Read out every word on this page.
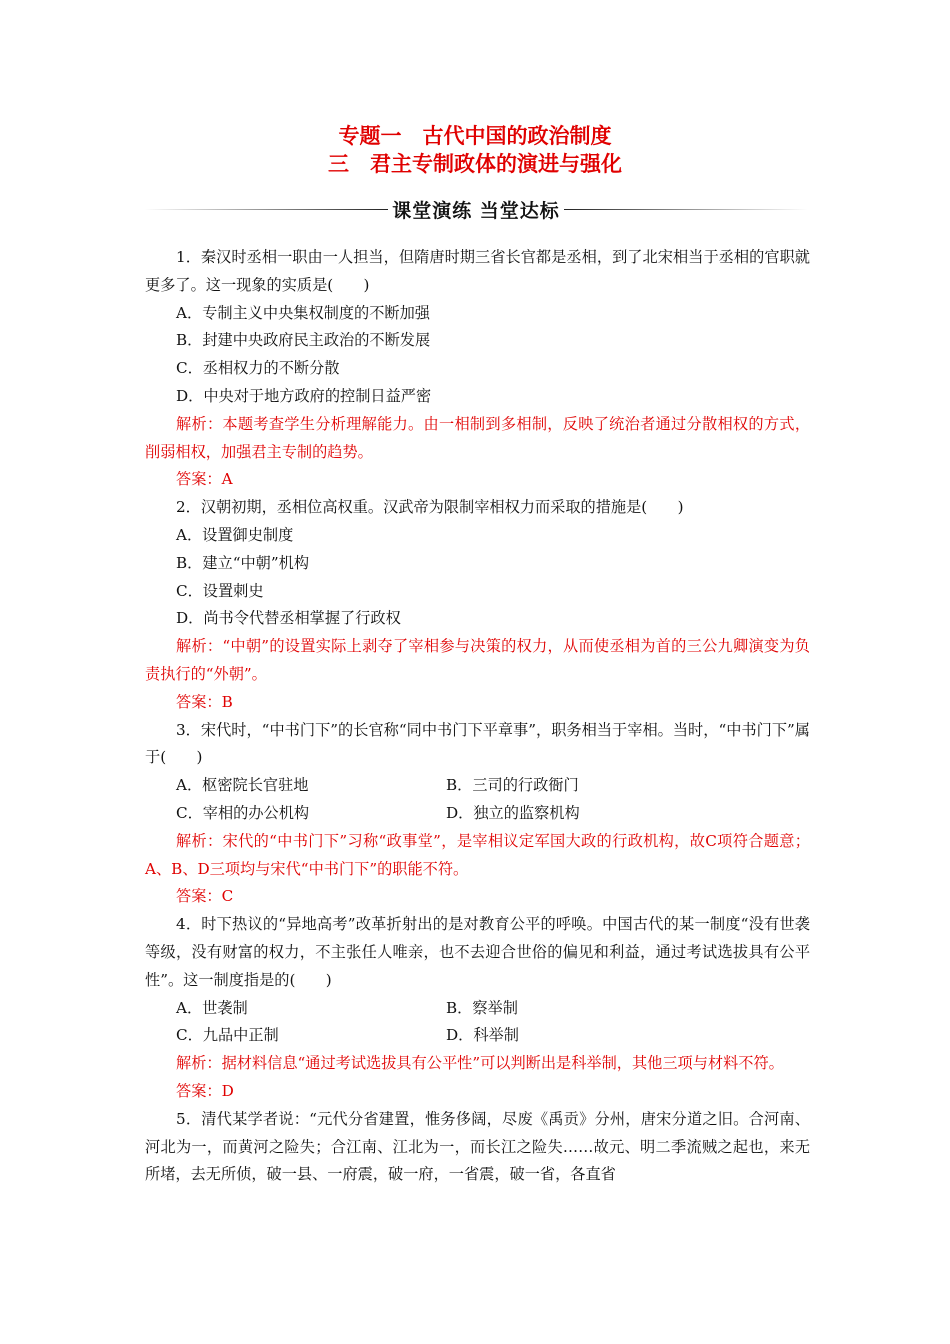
专题一　古代中国的政治制度
三　君主专制政体的演进与强化
课堂演练 当堂达标

1．秦汉时丞相一职由一人担当，但隋唐时期三省长官都是丞相，到了北宋相当于丞相的官职就更多了。这一现象的实质是(　　)

A．专制主义中央集权制度的不断加强

B．封建中央政府民主政治的不断发展

C．丞相权力的不断分散

D．中央对于地方政府的控制日益严密

解析：本题考查学生分析理解能力。由一相制到多相制，反映了统治者通过分散相权的方式，削弱相权，加强君主专制的趋势。

答案：A

2．汉朝初期，丞相位高权重。汉武帝为限制宰相权力而采取的措施是(　　)

A．设置御史制度

B．建立“中朝”机构

C．设置刺史

D．尚书令代替丞相掌握了行政权

解析：“中朝”的设置实际上剥夺了宰相参与决策的权力，从而使丞相为首的三公九卿演变为负责执行的“外朝”。

答案：B

3．宋代时，“中书门下”的长官称“同中书门下平章事”，职务相当于宰相。当时，“中书门下”属于(　　)

A．枢密院长官驻地	B．三司的行政衙门
C．宰相的办公机构	D．独立的监察机构

解析：宋代的“中书门下”习称“政事堂”，是宰相议定军国大政的行政机构，故C项符合题意；A、B、D三项均与宋代“中书门下”的职能不符。

答案：C

4．时下热议的“异地高考”改革折射出的是对教育公平的呼唤。中国古代的某一制度“没有世袭等级，没有财富的权力，不主张任人唯亲，也不去迎合世俗的偏见和利益，通过考试选拔具有公平性”。这一制度指是的(　　)

A．世袭制	B．察举制
C．九品中正制	D．科举制

解析：据材料信息“通过考试选拔具有公平性”可以判断出是科举制，其他三项与材料不符。

答案：D

5．清代某学者说：“元代分省建置，惟务侈阔，尽废《禹贡》分州，唐宋分道之旧。合河南、河北为一，而黄河之险失；合江南、江北为一，而长江之险失……故元、明二季流贼之起也，来无所堵，去无所侦，破一县、一府震，破一府，一省震，破一省，各直省
